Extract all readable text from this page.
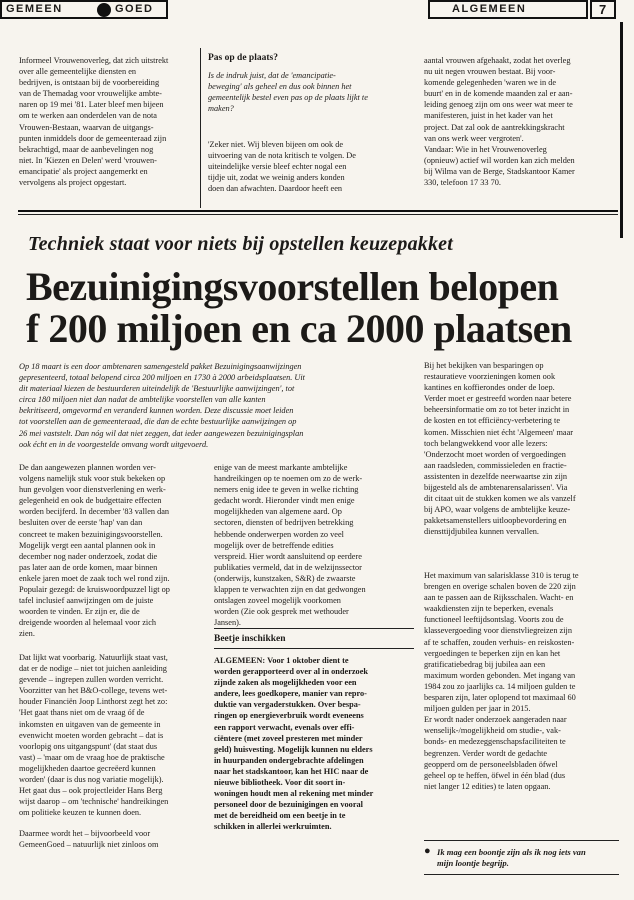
GEMEEN	GOED	ALGEMEEN	7
Informeel Vrouwenoverleg, dat zich uitstrekt
over alle gemeentelijke diensten en
bedrijven, is ontstaan bij de voorbereiding
van de Themadag voor vrouwelijke ambte-
naren op 19 mei '81. Later bleef men bijeen
om te werken aan onderdelen van de nota
Vrouwen-Bestaan, waarvan de uitgangs-
punten inmiddels door de gemeenteraad zijn
bekrachtigd, maar de aanbevelingen nog
niet. In 'Kiezen en Delen' werd 'vrouwen-
emancipatie' als project aangemerkt en
vervolgens als project opgestart.
Pas op de plaats?
Is de indruk juist, dat de 'emancipatie-
beweging' als geheel en dus ook binnen het
gemeentelijk bestel even pas op de plaats lijkt te
maken?
'Zeker niet. Wij bleven bijeen om ook de
uitvoering van de nota kritisch te volgen. De
uiteindelijke versie bleef echter nogal een
tijdje uit, zodat we weinig anders konden
doen dan afwachten. Daardoor heeft een
aantal vrouwen afgehaakt, zodat het overleg
nu uit negen vrouwen bestaat. Bij voor-
komende gelegenheden 'waren we in de
buurt' en in de komende maanden zal er aan-
leiding genoeg zijn om ons weer wat meer te
manifesteren, juist in het kader van het
project. Dat zal ook de aantrekkingskracht
van ons werk weer vergroten'.
Vandaar: Wie in het Vrouwenoverleg
(opnieuw) actief wil worden kan zich melden
bij Wilma van de Berge, Stadskantoor Kamer
330, telefoon 17 33 70.
Techniek staat voor niets bij opstellen keuzepakket
Bezuinigingsvoorstellen belopen
f 200 miljoen en ca 2000 plaatsen
Op 18 maart is een door ambtenaren samengesteld pakket Bezuinigingsaanwijzingen
gepresenteerd, totaal belopend circa 200 miljoen en 1730 à 2000 arbeidsplaatsen. Uit
dit materiaal kiezen de bestuurderen uiteindelijk de 'Bestuurlijke aanwijzingen', tot
circa 180 miljoen niet dan nadat de ambtelijke voorstellen van alle kanten
bekritiseerd, omgevormd en veranderd kunnen worden. Deze discussie moet leiden
tot voorstellen aan de gemeenteraad, die dan de echte bestuurlijke aanwijzingen op
26 mei vaststelt. Dan nóg wil dat niet zeggen, dat ieder aangewezen bezuinigingsplan
ook écht en in de voorgestelde omvang wordt uitgevoerd.
De dan aangewezen plannen worden ver-
volgens namelijk stuk voor stuk bekeken op
hun gevolgen voor dienstverlening en werk-
gelegenheid en ook de budgettaire effecten
worden becijferd. In december '83 vallen dan
besluiten over de eerste 'hap' van dan
concreet te maken bezuinigingsvoorstellen.
Mogelijk vergt een aantal plannen ook in
december nog nader onderzoek, zodat die
pas later aan de orde komen, maar binnen
enkele jaren moet de zaak toch wel rond zijn.
Populair gezegd: de kruiswoordpuzzel ligt op
tafel inclusief aanwijzingen om de juiste
woorden te vinden. Er zijn er, die de
dreigende woorden al helemaal voor zich
zien.
Dat lijkt wat voorbarig. Natuurlijk staat vast,
dat er de nodige – niet tot juichen aanleiding
gevende – ingrepen zullen worden verricht.
Voorzitter van het B&O-college, tevens wet-
houder Financiën Joop Linthorst zegt het zo:
'Het gaat thans niet om de vraag óf de
inkomsten en uitgaven van de gemeente in
evenwicht moeten worden gebracht – dat is
voorlopig ons uitgangspunt' (dat staat dus
vast) – 'maar om de vraag hoe de praktische
mogelijkheden daartoe gecreëerd kunnen
worden' (daar is dus nog variatie mogelijk).
Het gaat dus – ook projectleider Hans Berg
wijst daarop – om 'technische' handreikingen
om politieke keuzen te kunnen doen.
Daarmee wordt het – bijvoorbeeld voor
GemeenGoed – natuurlijk niet zinloos om
enige van de meest markante ambtelijke
handreikingen op te noemen om zo de werk-
nemers enig idee te geven in welke richting
gedacht wordt. Hieronder vindt men enige
mogelijkheden van algemene aard. Op
sectoren, diensten of bedrijven betrekking
hebbende onderwerpen worden zo veel
mogelijk over de betreffende edities
verspreid. Hier wordt aansluitend op eerdere
publikaties vermeld, dat in de welzijnssector
(onderwijs, kunstzaken, S&R) de zwaarste
klappen te verwachten zijn en dat gedwongen
ontslagen zoveel mogelijk voorkomen
worden (Zie ook gesprek met wethouder
Jansen).
Beetje inschikken
ALGEMEEN: Voor 1 oktober dient te
worden gerapporteerd over al in onderzoek
zijnde zaken als mogelijkheden voor een
andere, lees goedkopere, manier van repro-
duktie van vergaderstukken. Over bespa-
ringen op energieverbruik wordt eveneens
een rapport verwacht, evenals over effi-
ciëntere (met zoveel presteren met minder
geld) huisvesting. Mogelijk kunnen nu elders
in huurpanden ondergebrachte afdelingen
naar het stadskantoor, kan het HIC naar de
nieuwe bibliotheek. Voor dit soort in-
woningen houdt men al rekening met minder
personeel door de bezuinigingen en vooral
met de bereidheid om een beetje in te
schikken in allerlei werkruimten.
Bij het bekijken van besparingen op
restauratieve voorzieningen komen ook
kantines en koffierondes onder de loep.
Verder moet er gestreefd worden naar betere
beheersinformatie om zo tot beter inzicht in
de kosten en tot efficiëncy-verbetering te
komen. Misschien niet écht 'Algemeen' maar
toch belangwekkend voor alle lezers:
'Onderzocht moet worden of vergoedingen
aan raadsleden, commissieleden en fractie-
assistenten in dezelfde neerwaartse zin zijn
bijgesteld als de ambtenarensalarissen'. Via
dit citaat uit de stukken komen we als vanzelf
bij APO, waar volgens de ambtelijke keuze-
pakketsamenstellers uitloopbevordering en
diensttijdjubilea kunnen vervallen.
Het maximum van salarisklasse 310 is terug te
brengen en overige schalen boven de 220 zijn
aan te passen aan de Rijksschalen. Wacht- en
waakdiensten zijn te beperken, evenals
functioneel leeftijdsontslag. Voorts zou de
klassevergoeding voor dienstvliegreizen zijn
af te schaffen, zouden verhuis- en reiskosten-
vergoedingen te beperken zijn en kan het
gratificatiebedrag bij jubilea aan een
maximum worden gebonden. Met ingang van
1984 zou zo jaarlijks ca. 14 miljoen gulden te
besparen zijn, later oplopend tot maximaal 60
miljoen gulden per jaar in 2015.
Er wordt nader onderzoek aangeraden naar
wenselijk-/mogelijkheid om studie-, vak-
bonds- en medezeggenschapsfaciliteiten te
begrenzen. Verder wordt de gedachte
geopperd om de personeelsbladen öfwel
geheel op te heffen, öfwel in één blad (dus
niet langer 12 edities) te laten opgaan.
● Ik mag een boontje zijn als ik nog iets van
mijn loontje begrijp.
